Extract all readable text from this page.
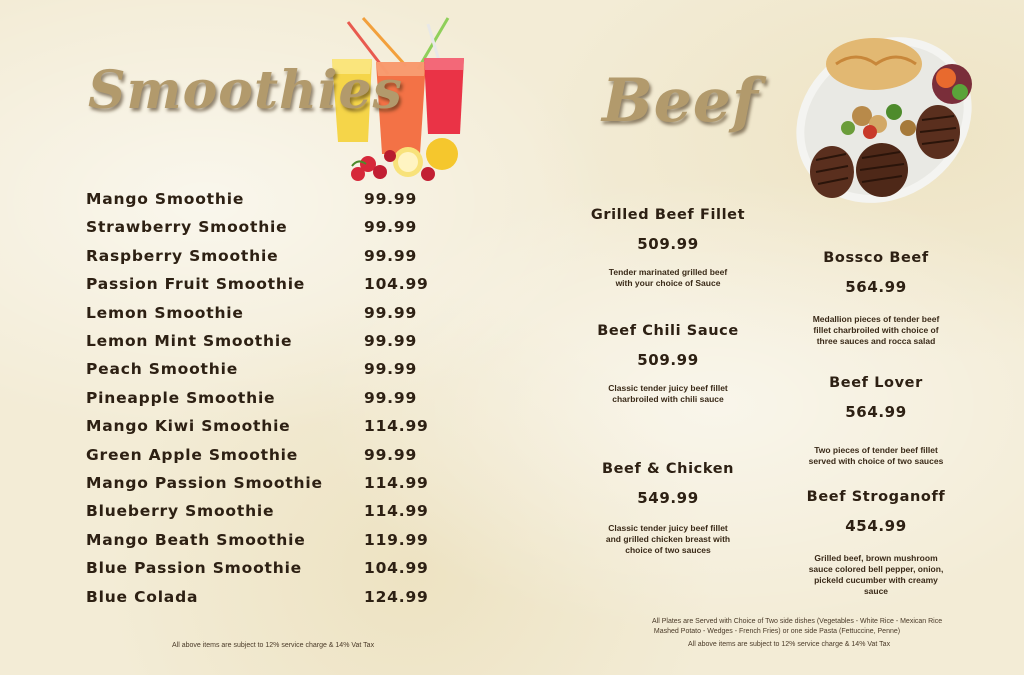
Smoothies
Mango Smoothie	99.99
Strawberry Smoothie	99.99
Raspberry Smoothie	99.99
Passion Fruit Smoothie	104.99
Lemon Smoothie	99.99
Lemon Mint Smoothie	99.99
Peach Smoothie	99.99
Pineapple Smoothie	99.99
Mango Kiwi Smoothie	114.99
Green Apple Smoothie	99.99
Mango Passion Smoothie	114.99
Blueberry Smoothie	114.99
Mango Beath Smoothie	119.99
Blue Passion Smoothie	104.99
Blue Colada	124.99
All above items are subject to 12% service charge & 14% Vat Tax
Beef
Grilled Beef Fillet
509.99
Tender marinated grilled beef with your choice of Sauce
Beef Chili Sauce
509.99
Classic tender juicy beef fillet charbroiled with chili sauce
Beef & Chicken
549.99
Classic tender juicy beef fillet and grilled chicken breast with choice of two sauces
Bossco Beef
564.99
Medallion pieces of tender beef fillet charbroiled with choice of three sauces and rocca salad
Beef Lover
564.99
Two pieces of tender beef fillet served with choice of two sauces
Beef Stroganoff
454.99
Grilled beef, brown mushroom sauce colored bell pepper, onion, pickeld cucumber with creamy sauce
All Plates are Served with Choice of Two side dishes (Vegetables - White Rice - Mexican Rice
Mashed Potato - Wedges - French Fries) or one side Pasta (Fettuccine, Penne)
All above items are subject to 12% service charge & 14% Vat Tax
